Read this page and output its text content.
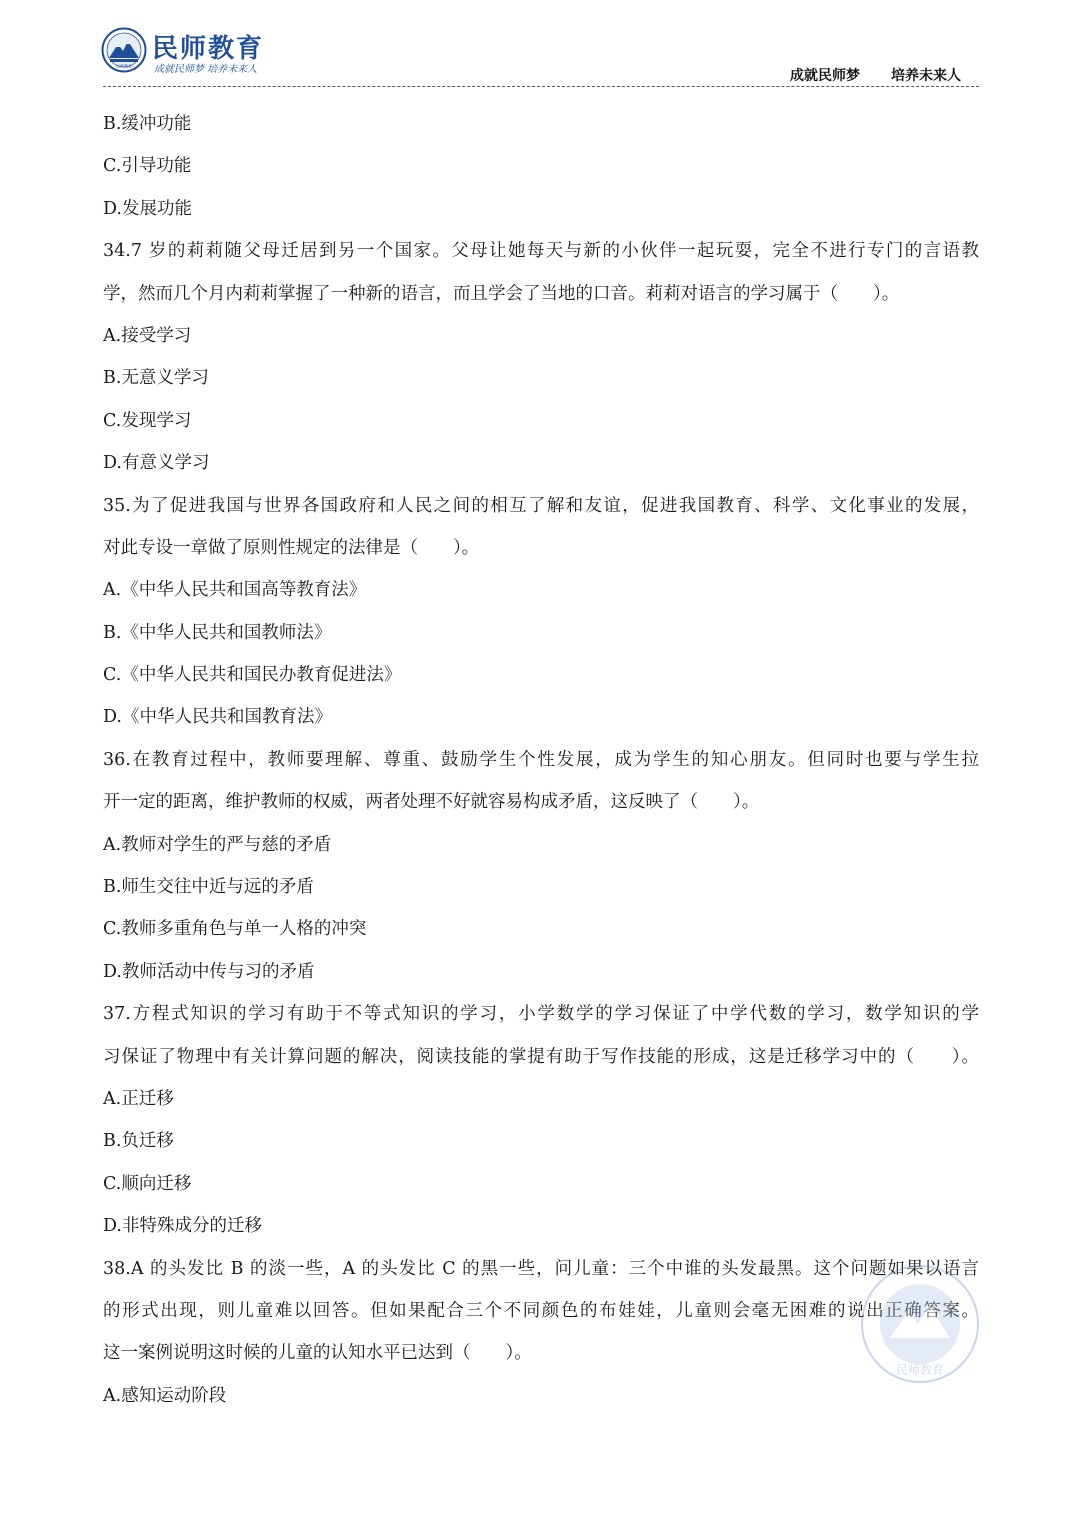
民师教育
民师教育
成就民师梦 培养未来人	成就民师梦 培养未来人
B.缓冲功能
C.引导功能
D.发展功能
34.7 岁的莉莉随父母迁居到另一个国家。父母让她每天与新的小伙伴一起玩耍，完全不进行专门的言语教
学，然而几个月内莉莉掌握了一种新的语言，而且学会了当地的口音。莉莉对语言的学习属于（　　）。
A.接受学习
B.无意义学习
C.发现学习
D.有意义学习
35.为了促进我国与世界各国政府和人民之间的相互了解和友谊，促进我国教育、科学、文化事业的发展，
对此专设一章做了原则性规定的法律是（　　）。
A.《中华人民共和国高等教育法》
B.《中华人民共和国教师法》
C.《中华人民共和国民办教育促进法》
D.《中华人民共和国教育法》
36.在教育过程中，教师要理解、尊重、鼓励学生个性发展，成为学生的知心朋友。但同时也要与学生拉
开一定的距离，维护教师的权威，两者处理不好就容易构成矛盾，这反映了（　　）。
A.教师对学生的严与慈的矛盾
B.师生交往中近与远的矛盾
C.教师多重角色与单一人格的冲突
D.教师活动中传与习的矛盾
37.方程式知识的学习有助于不等式知识的学习，小学数学的学习保证了中学代数的学习，数学知识的学
习保证了物理中有关计算问题的解决，阅读技能的掌提有助于写作技能的形成，这是迁移学习中的（　　）。
A.正迁移
B.负迁移
C.顺向迁移
D.非特殊成分的迁移
38.A 的头发比 B 的淡一些，A 的头发比 C 的黑一些，问儿童：三个中谁的头发最黑。这个问题如果以语言
的形式出现，则儿童难以回答。但如果配合三个不同颜色的布娃娃，儿童则会毫无困难的说出正确答案。
这一案例说明这时候的儿童的认知水平已达到（　　）。
A.感知运动阶段
民师教育
